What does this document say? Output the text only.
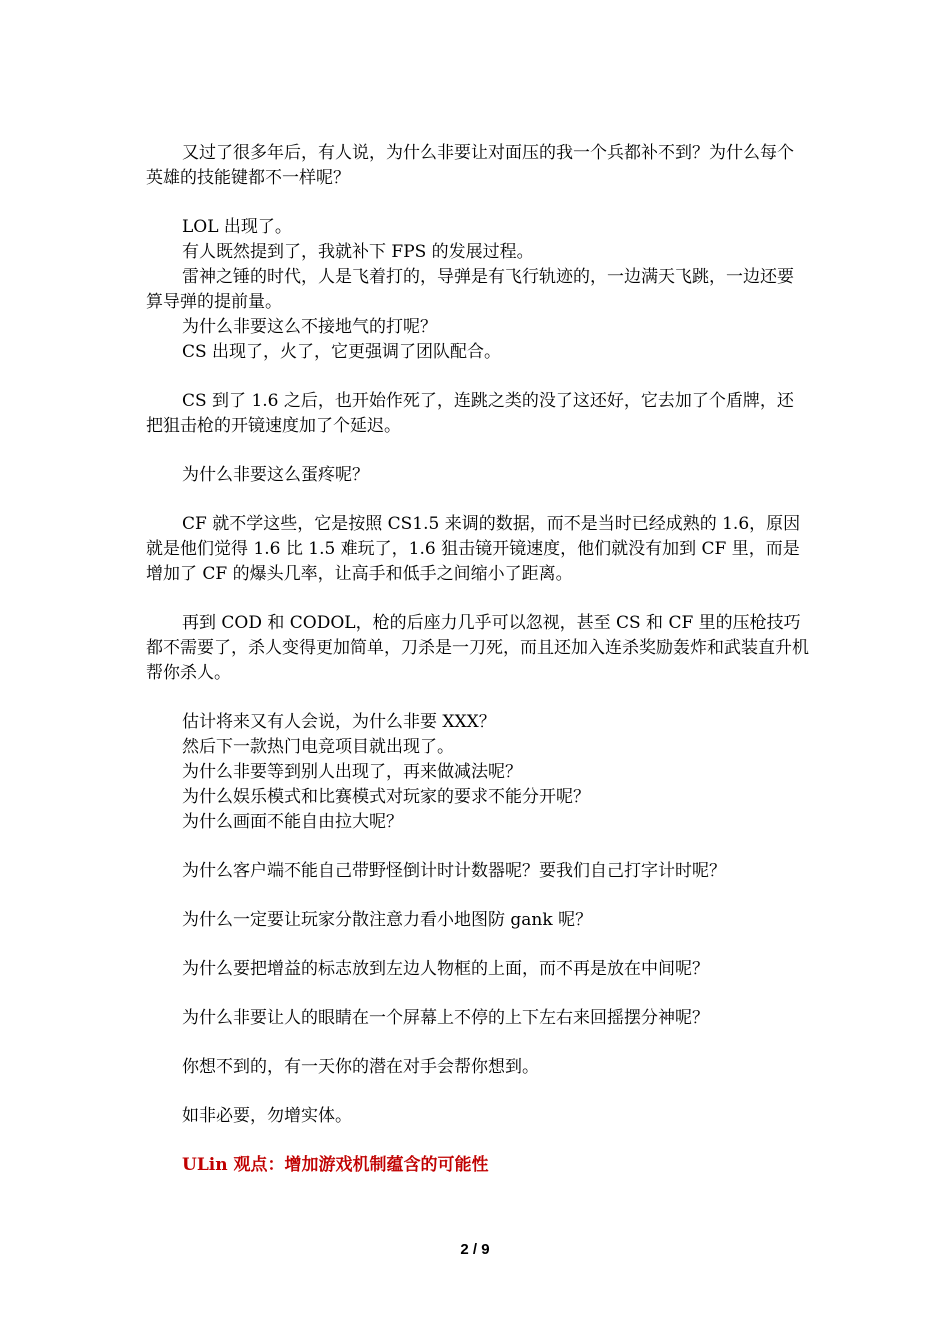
又过了很多年后，有人说，为什么非要让对面压的我一个兵都补不到？为什么每个英雄的技能键都不一样呢？

LOL 出现了。

有人既然提到了，我就补下 FPS 的发展过程。

雷神之锤的时代，人是飞着打的，导弹是有飞行轨迹的，一边满天飞跳，一边还要算导弹的提前量。

为什么非要这么不接地气的打呢？

CS 出现了，火了，它更强调了团队配合。

CS 到了 1.6 之后，也开始作死了，连跳之类的没了这还好，它去加了个盾牌，还把狙击枪的开镜速度加了个延迟。

为什么非要这么蛋疼呢？

CF 就不学这些，它是按照 CS1.5 来调的数据，而不是当时已经成熟的 1.6，原因就是他们觉得 1.6 比 1.5 难玩了，1.6 狙击镜开镜速度，他们就没有加到 CF 里，而是增加了 CF 的爆头几率，让高手和低手之间缩小了距离。

再到 COD 和 CODOL，枪的后座力几乎可以忽视，甚至 CS 和 CF 里的压枪技巧都不需要了，杀人变得更加简单，刀杀是一刀死，而且还加入连杀奖励轰炸和武装直升机帮你杀人。

估计将来又有人会说，为什么非要 XXX？

然后下一款热门电竞项目就出现了。

为什么非要等到别人出现了，再来做减法呢？

为什么娱乐模式和比赛模式对玩家的要求不能分开呢？

为什么画面不能自由拉大呢？

为什么客户端不能自己带野怪倒计时计数器呢？要我们自己打字计时呢？

为什么一定要让玩家分散注意力看小地图防 gank 呢？

为什么要把增益的标志放到左边人物框的上面，而不再是放在中间呢？

为什么非要让人的眼睛在一个屏幕上不停的上下左右来回摇摆分神呢？

你想不到的，有一天你的潜在对手会帮你想到。

如非必要，勿增实体。

ULin 观点：增加游戏机制蕴含的可能性

2 / 9
